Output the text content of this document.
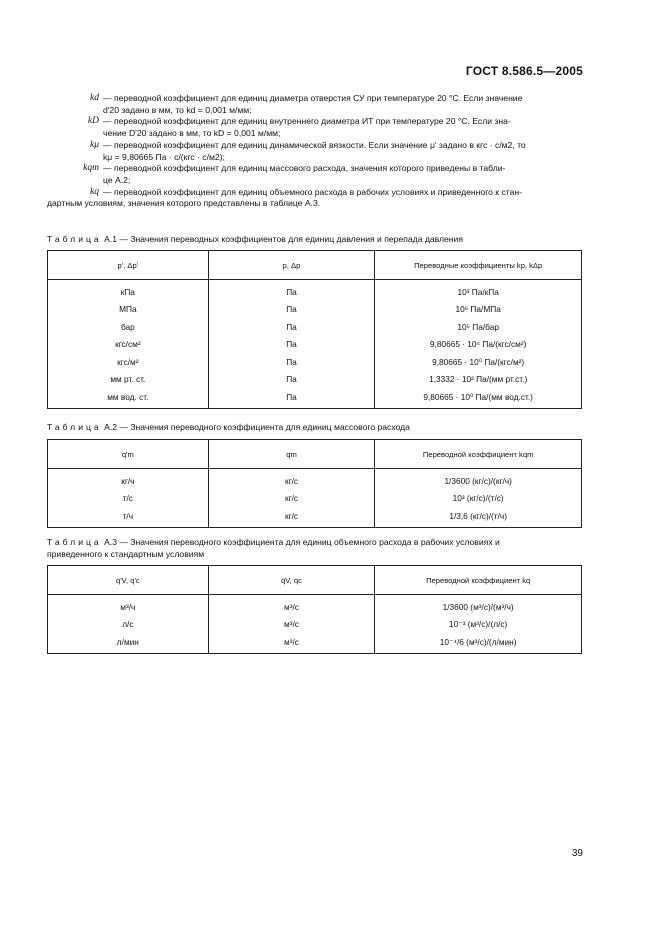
ГОСТ 8.586.5—2005
kd — переводной коэффициент для единиц диаметра отверстия СУ при температуре 20 °С. Если значение
d'20 задано в мм, то kd = 0,001 м/мм;
kD — переводной коэффициент для единиц внутреннего диаметра ИТ при температуре 20 °С. Если зна-
чение D'20 задано в мм, то kD = 0,001 м/мм;
kμ — переводной коэффициент для единиц динамической вязкости. Если значение μ' задано в кгс · с/м2, то
kμ = 9,80665 Па · с/(кгс · с/м2);
kqm — переводной коэффициент для единиц массового расхода, значения которого приведены в табли-
це А.2;
kq — переводной коэффициент для единиц объемного расхода в рабочих условиях и приведенного к стан-
дартным условиям, значения которого представлены в таблице А.3.
Таблица А.1 — Значения переводных коэффициентов для единиц давления и перепада давления
p', Δp'	p, Δp	Переводные коэффициенты kp, kΔp
кПа	Па	10³ Па/кПа
МПа	Па	10⁶ Па/МПа
бар	Па	10⁵ Па/бар
кгс/см²	Па	9,80665 · 10⁴ Па/(кгс/см²)
кгс/м²	Па	9,80665 · 10⁰ Па/(кгс/м²)
мм рт. ст.	Па	1,3332 · 10² Па/(мм рт.ст.)
мм вод. ст.	Па	9,80665 · 10⁰ Па/(мм вод.ст.)
Таблица А.2 — Значения переводного коэффициента для единиц массового расхода
q'm	qm	Переводной коэффициент kqm
кг/ч	кг/с	1/3600 (кг/с)/(кг/ч)
т/с	кг/с	10³ (кг/с)/(т/с)
т/ч	кг/с	1/3,6 (кг/с)/(т/ч)
Таблица А.3 — Значения переводного коэффициента для единиц объемного расхода в рабочих условиях и
приведенного к стандартным условиям
q'V, q'c	qV, qc	Переводной коэффициент kq
м³/ч	м³/с	1/3600 (м³/с)/(м³/ч)
л/с	м³/с	10⁻³ (м³/с)/(л/с)
л/мин	м³/с	10⁻⁴/6 (м³/с)/(л/мин)
39
